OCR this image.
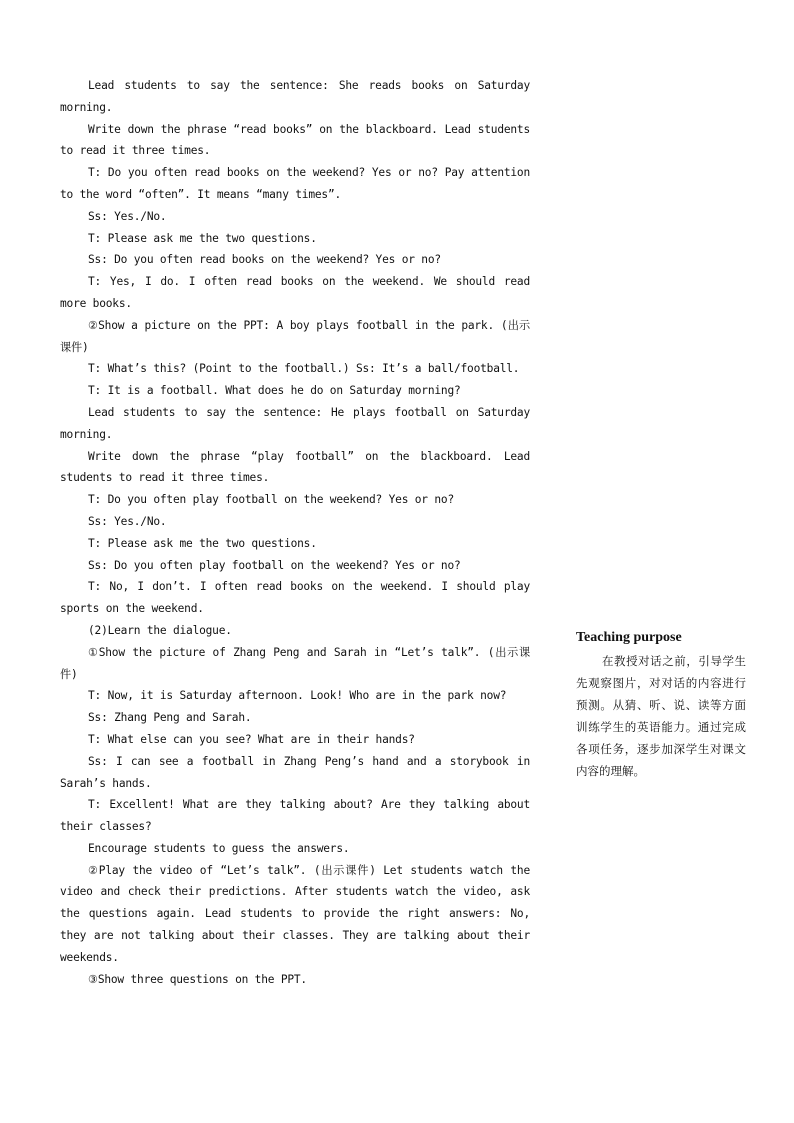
Lead students to say the sentence: She reads books on Saturday morning.

Write down the phrase “read books” on the blackboard. Lead students to read it three times.

T: Do you often read books on the weekend? Yes or no? Pay attention to the word “often”. It means “many times”.

Ss: Yes./No.

T: Please ask me the two questions.

Ss: Do you often read books on the weekend? Yes or no?

T: Yes, I do. I often read books on the weekend. We should read more books.

②Show a picture on the PPT: A boy plays football in the park. (出示课件)

T: What’s this? (Point to the football.) Ss: It’s a ball/football.

T: It is a football. What does he do on Saturday morning?

Lead students to say the sentence: He plays football on Saturday morning.

Write down the phrase “play football” on the blackboard. Lead students to read it three times.

T: Do you often play football on the weekend? Yes or no?

Ss: Yes./No.

T: Please ask me the two questions.

Ss: Do you often play football on the weekend? Yes or no?

T: No, I don’t. I often read books on the weekend. I should play sports on the weekend.

(2)Learn the dialogue.

①Show the picture of Zhang Peng and Sarah in “Let’s talk”. (出示课件)

T: Now, it is Saturday afternoon. Look! Who are in the park now?

Ss: Zhang Peng and Sarah.

T: What else can you see? What are in their hands?

Ss: I can see a football in Zhang Peng’s hand and a storybook in Sarah’s hands.

T: Excellent! What are they talking about? Are they talking about their classes?

Encourage students to guess the answers.

②Play the video of “Let’s talk”. (出示课件) Let students watch the video and check their predictions. After students watch the video, ask the questions again. Lead students to provide the right answers: No, they are not talking about their classes. They are talking about their weekends.

③Show three questions on the PPT.

Teaching purpose

在教授对话之前，引导学生先观察图片，对对话的内容进行预测。从猜、听、说、读等方面训练学生的英语能力。通过完成各项任务，逐步加深学生对课文内容的理解。
